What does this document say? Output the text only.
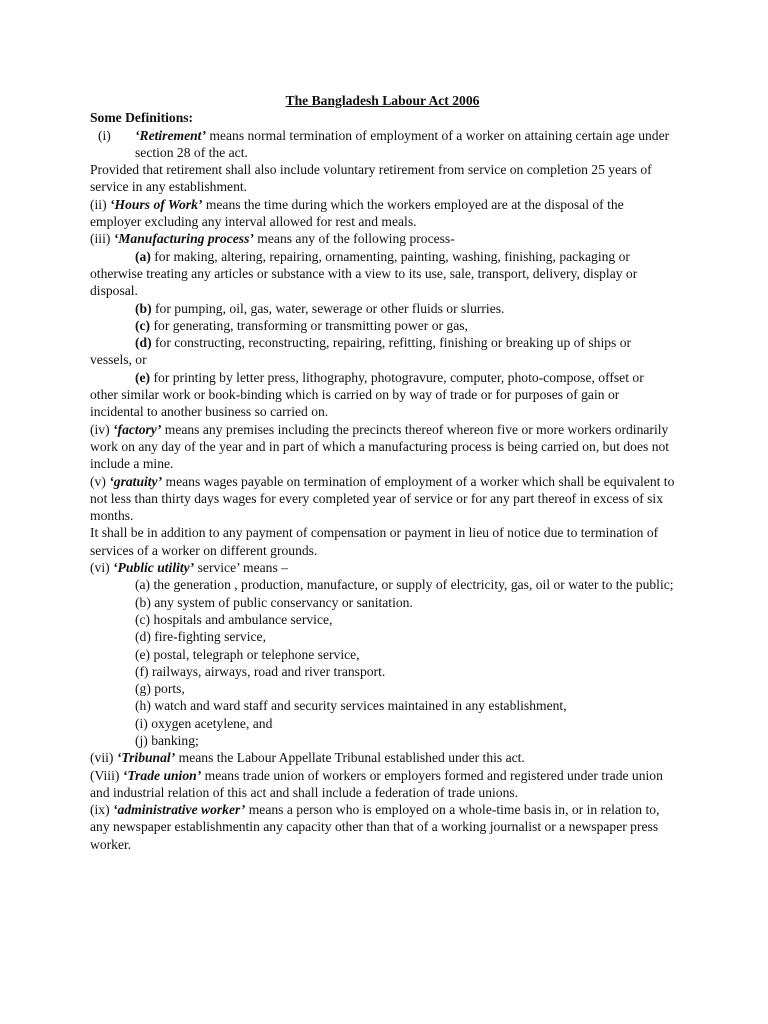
The Bangladesh Labour Act 2006

Some Definitions:

(i) ‘Retirement’ means normal termination of employment of a worker on attaining certain age under section 28 of the act.

Provided that retirement shall also include voluntary retirement from service on completion 25 years of service in any establishment.

(ii) ‘Hours of Work’ means the time during which the workers employed are at the disposal of the employer excluding any interval allowed for rest and meals.

(iii) ‘Manufacturing process’ means any of the following process-

(a) for making, altering, repairing, ornamenting, painting, washing, finishing, packaging or otherwise treating any articles or substance with a view to its use, sale, transport, delivery, display or disposal.

(b) for pumping, oil, gas, water, sewerage or other fluids or slurries.

(c) for generating, transforming or transmitting power or gas,

(d) for constructing, reconstructing, repairing, refitting, finishing or breaking up of ships or vessels, or

(e) for printing by letter press, lithography, photogravure, computer, photo-compose, offset or other similar work or book-binding which is carried on by way of trade or for purposes of gain or incidental to another business so carried on.

(iv) ‘factory’ means any premises including the precincts thereof whereon five or more workers ordinarily work on any day of the year and in part of which a manufacturing process is being carried on, but does not include a mine.

(v) ‘gratuity’ means wages payable on termination of employment of a worker which shall be equivalent to not less than thirty days wages for every completed year of service or for any part thereof in excess of six months.

It shall be in addition to any payment of compensation or payment in lieu of notice due to termination of services of a worker on different grounds.

(vi) ‘Public utility’ service’ means –

(a) the generation , production, manufacture, or supply of electricity, gas, oil or water to the public;

(b) any system of public conservancy or sanitation.

(c) hospitals and ambulance service,

(d) fire-fighting service,

(e) postal, telegraph or telephone service,

(f) railways, airways, road and river transport.

(g) ports,

(h) watch and ward staff and security services maintained in any establishment,

(i) oxygen acetylene, and

(j) banking;

(vii) ‘Tribunal’ means the Labour Appellate Tribunal established under this act.

(Viii) ‘Trade union’ means trade union of workers or employers formed and registered under trade union and industrial relation of this act and shall include a federation of trade unions.

(ix) ‘administrative worker’ means a person who is employed on a whole-time basis in, or in relation to, any newspaper establishmentin any capacity other than that of a working journalist or a newspaper press worker.
